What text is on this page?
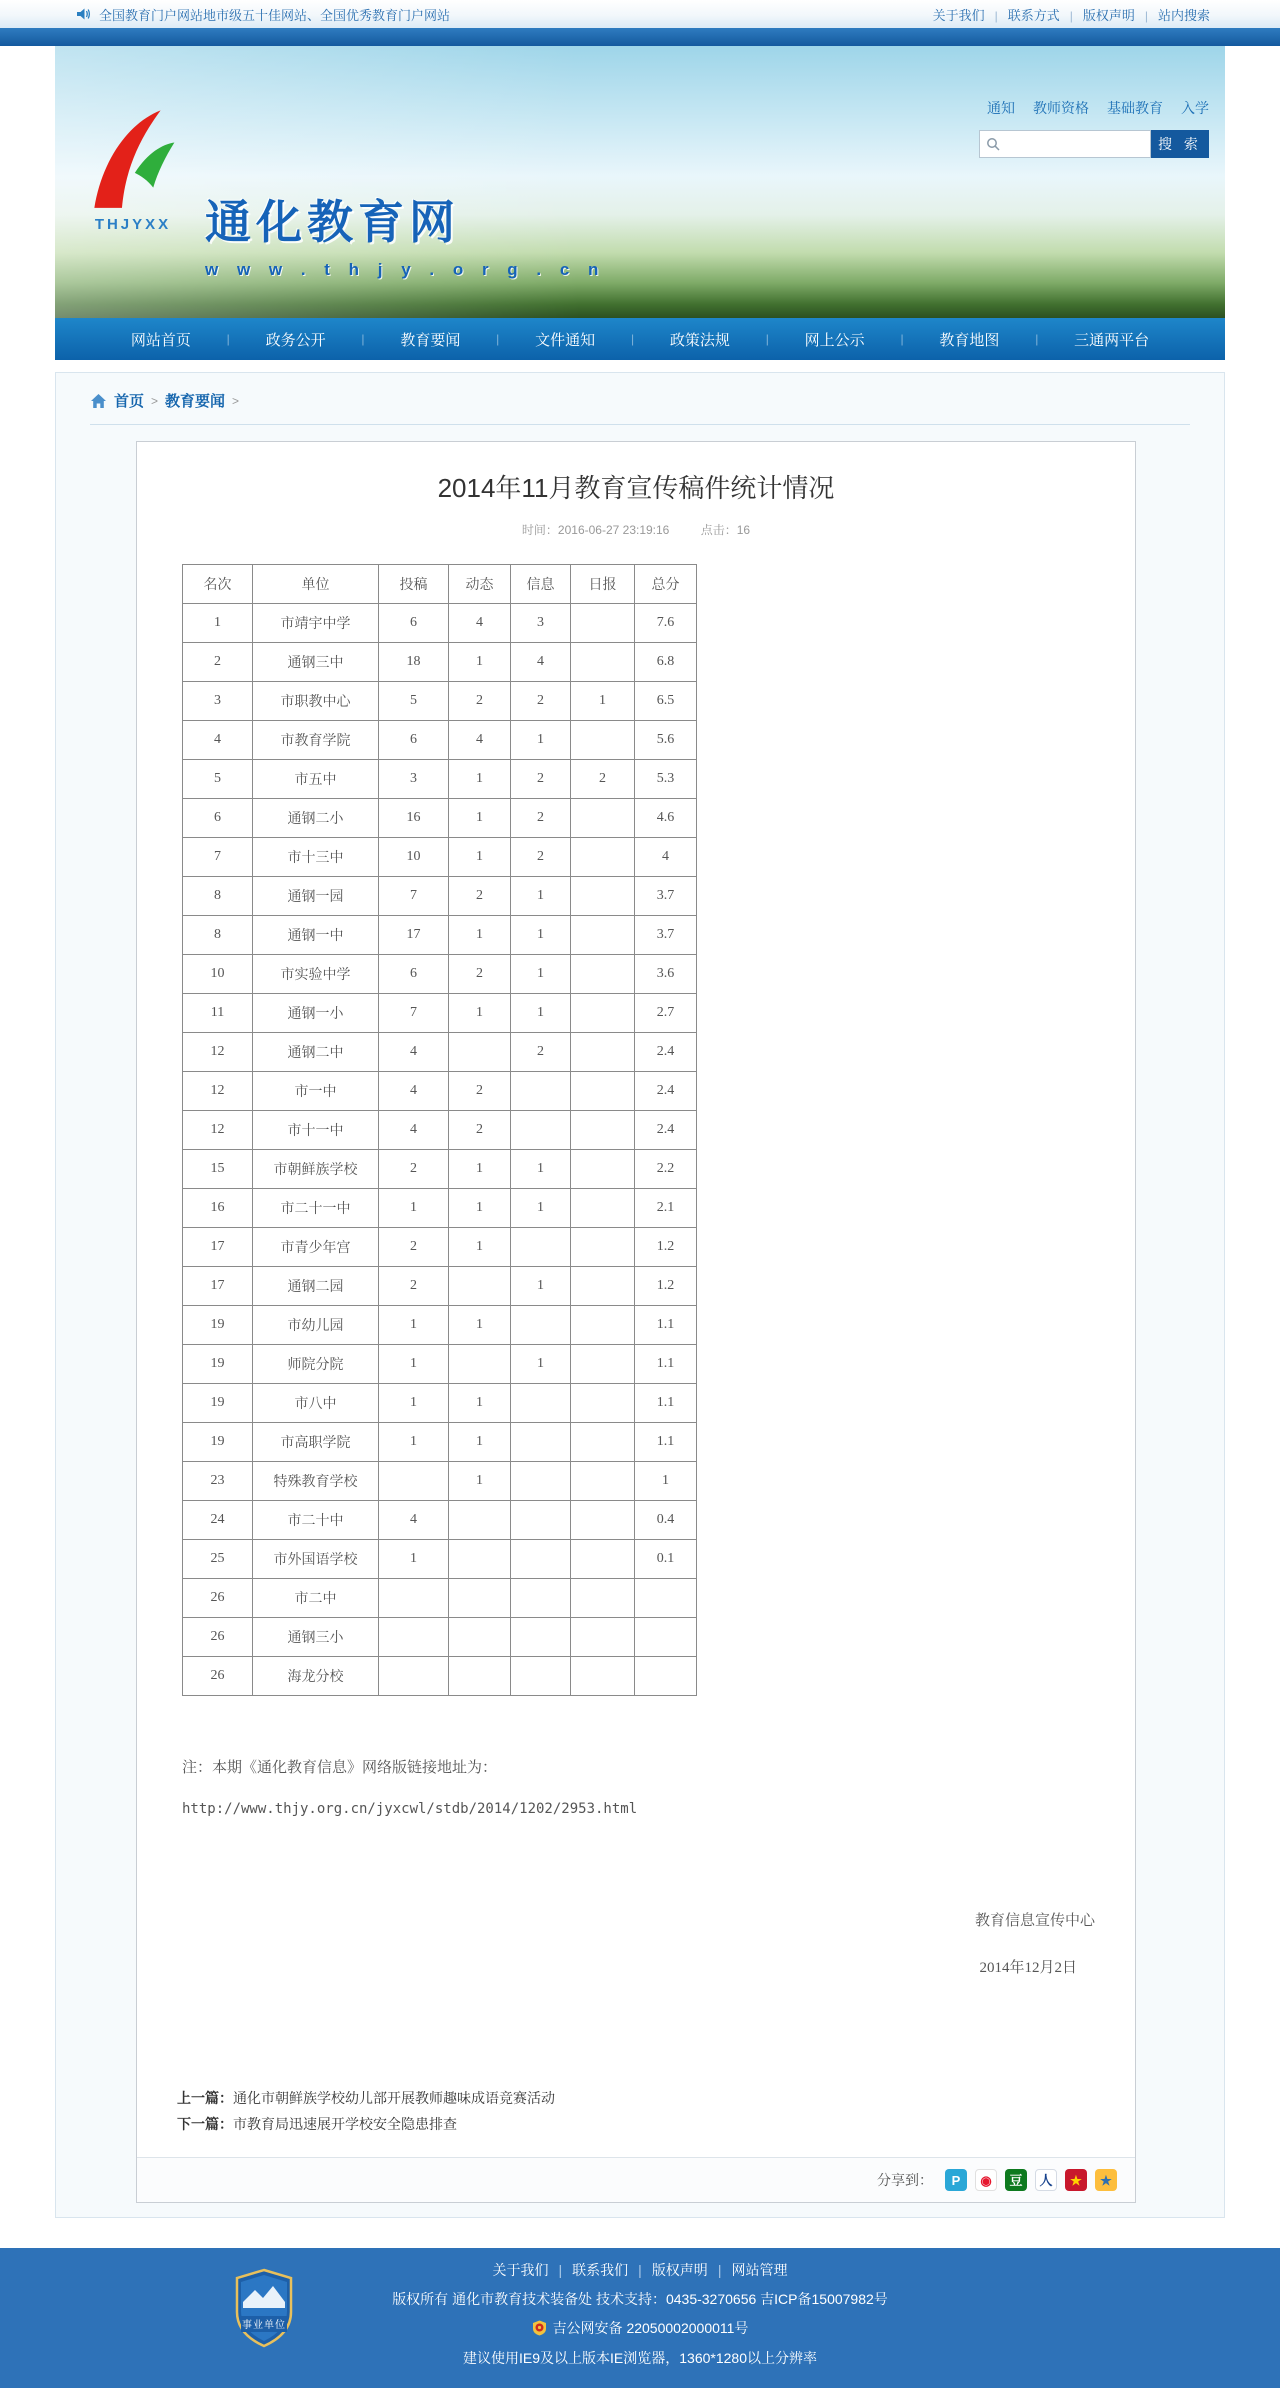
全国教育门户网站地市级五十佳网站、全国优秀教育门户网站	关于我们 | 联系方式 | 版权声明 | 站内搜索
THJYXX 通化教育网
w w w . t h j y . o r g . c n
通知 教师资格 基础教育 入学
搜 索
网站首页	| 政务公开	| 教育要闻	| 文件通知	| 政策法规	| 网上公示	| 教育地图	| 三通两平台
首页 > 教育要闻 >
2014年11月教育宣传稿件统计情况
时间：2016-06-27 23:19:16	点击：16
名次	单位	投稿	动态	信息	日报	总分
1	市靖宇中学	6	4	3		7.6
2	通钢三中	18	1	4		6.8
3	市职教中心	5	2	2	1	6.5
4	市教育学院	6	4	1		5.6
5	市五中	3	1	2	2	5.3
6	通钢二小	16	1	2		4.6
7	市十三中	10	1	2		4
8	通钢一园	7	2	1		3.7
8	通钢一中	17	1	1		3.7
10	市实验中学	6	2	1		3.6
11	通钢一小	7	1	1		2.7
12	通钢二中	4		2		2.4
12	市一中	4	2			2.4
12	市十一中	4	2			2.4
15	市朝鲜族学校	2	1	1		2.2
16	市二十一中	1	1	1		2.1
17	市青少年宫	2	1			1.2
17	通钢二园	2		1		1.2
19	市幼儿园	1	1			1.1
19	师院分院	1		1		1.1
19	市八中	1	1			1.1
19	市高职学院	1	1			1.1
23	特殊教育学校		1			1
24	市二十中	4				0.4
25	市外国语学校	1				0.1
26	市二中					
26	通钢三小					
26	海龙分校					

注：本期《通化教育信息》网络版链接地址为：

http://www.thjy.org.cn/jyxcwl/stdb/2014/1202/2953.html

教育信息宣传中心
2014年12月2日
上一篇：通化市朝鲜族学校幼儿部开展教师趣味成语竞赛活动
下一篇：市教育局迅速展开学校安全隐患排查
分享到：	P	◉	豆	人	★	★
事业单位
关于我们 | 联系我们 | 版权声明 | 网站管理
版权所有 通化市教育技术装备处 技术支持：0435-3270656 吉ICP备15007982号
吉公网安备 22050002000011号
建议使用IE9及以上版本IE浏览器，1360*1280以上分辨率
